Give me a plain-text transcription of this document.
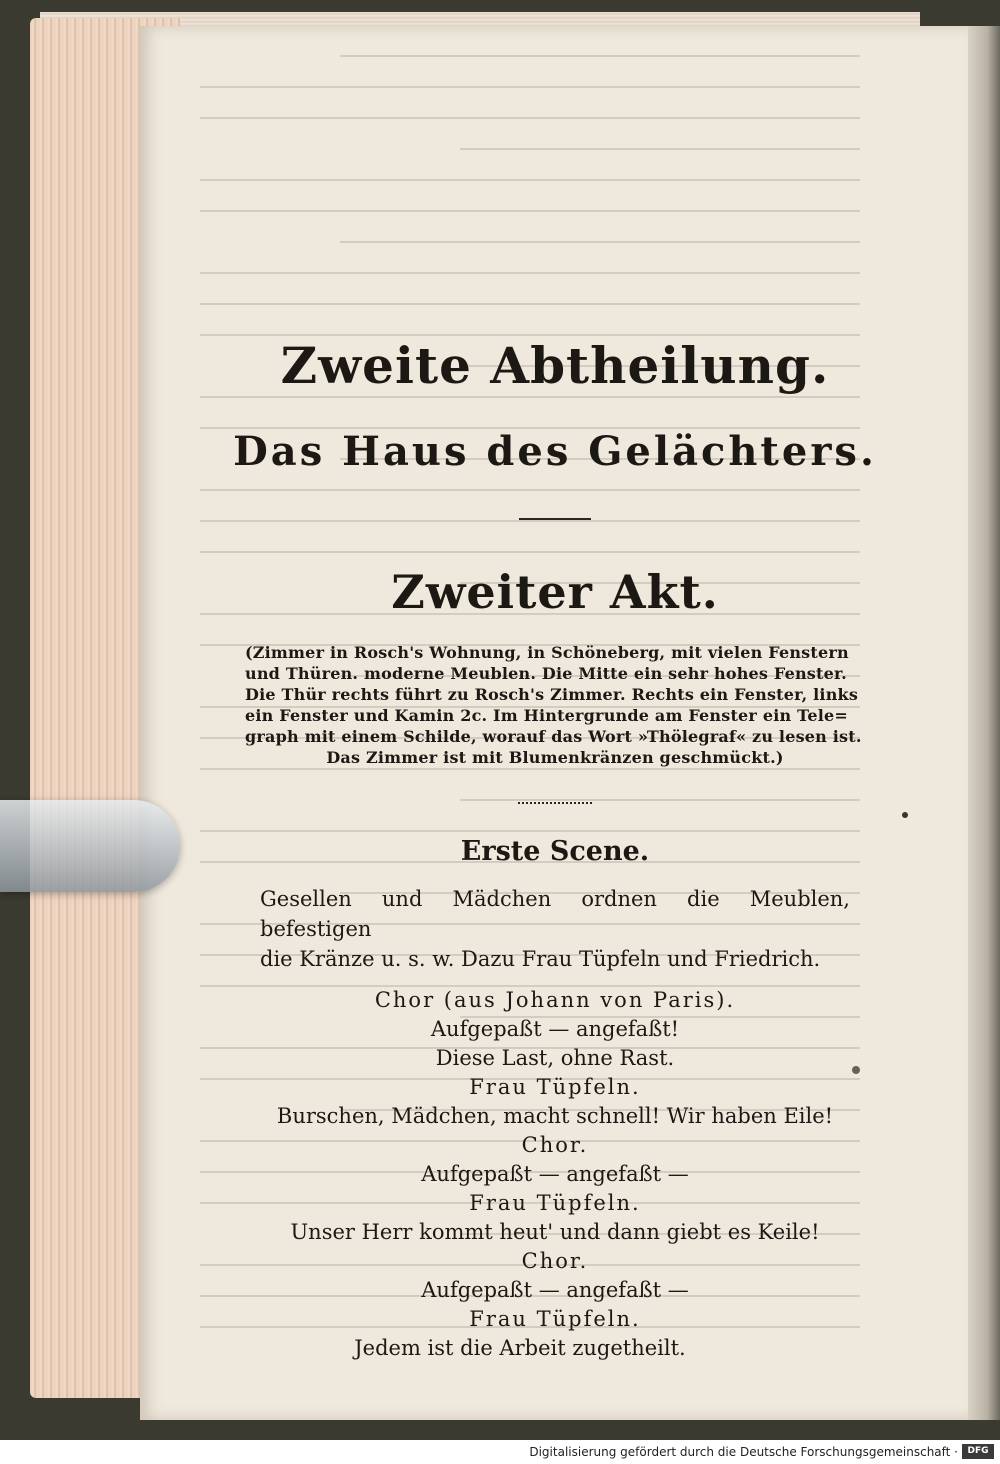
Zweite Abtheilung.
Das Haus des Gelächters.
Zweiter Akt.

(Zimmer in Rosch's Wohnung, in Schöneberg, mit vielen Fenstern

und Thüren. moderne Meublen. Die Mitte ein sehr hohes Fenster.

Die Thür rechts führt zu Rosch's Zimmer. Rechts ein Fenster, links

ein Fenster und Kamin 2c. Im Hintergrunde am Fenster ein Tele=

graph mit einem Schilde, worauf das Wort »Thölegraf« zu lesen ist.

Das Zimmer ist mit Blumenkränzen geschmückt.)

Erste Scene.

Gesellen und Mädchen ordnen die Meublen, befestigen

die Kränze u. s. w. Dazu Frau Tüpfeln und Friedrich.

Chor (aus Johann von Paris).
Aufgepaßt — angefaßt!
Diese Last, ohne Rast.
Frau Tüpfeln.
Burschen, Mädchen, macht schnell! Wir haben Eile!
Chor.
Aufgepaßt — angefaßt —
Frau Tüpfeln.
Unser Herr kommt heut' und dann giebt es Keile!
Chor.
Aufgepaßt — angefaßt —
Frau Tüpfeln.
Jedem ist die Arbeit zugetheilt.
Digitalisierung gefördert durch die Deutsche Forschungsgemeinschaft ·	DFG
